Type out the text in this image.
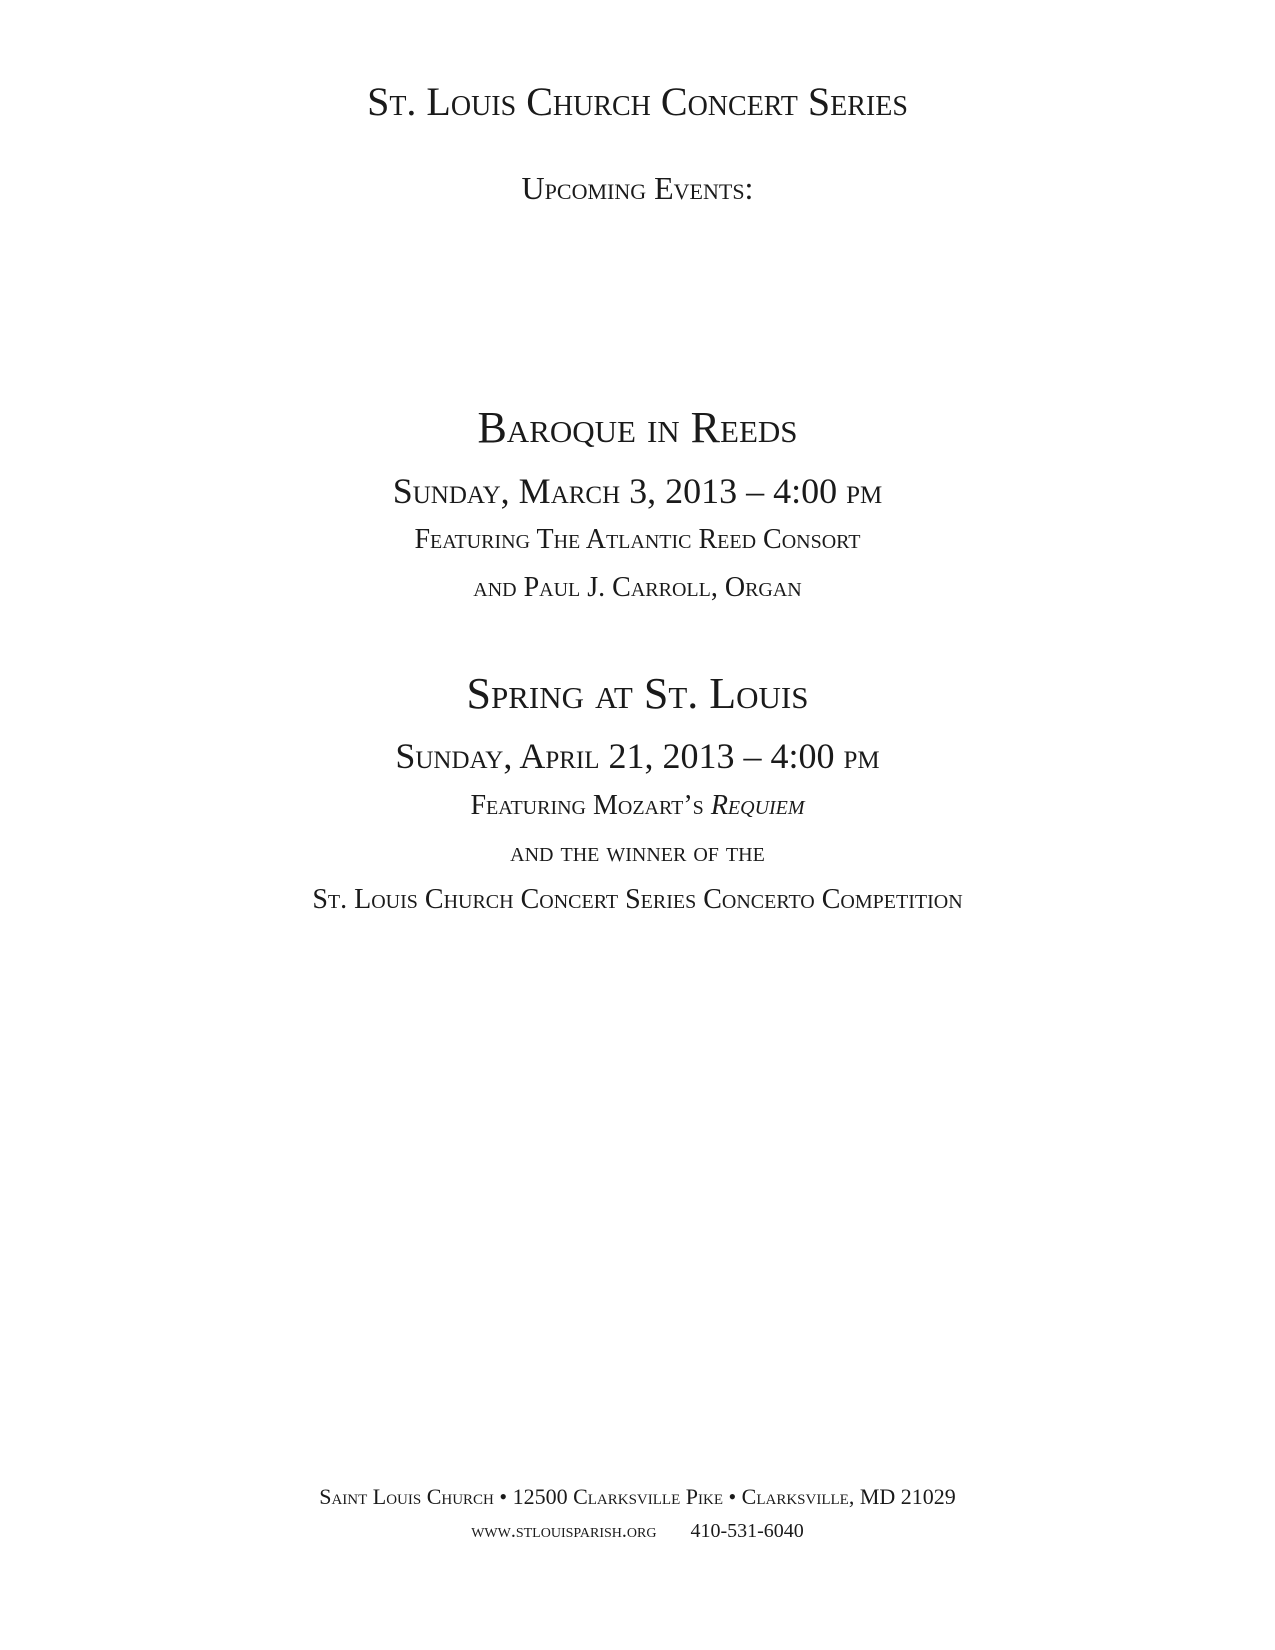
St. Louis Church Concert Series
Upcoming Events:
Baroque in Reeds
Sunday, March 3, 2013 – 4:00 pm
Featuring The Atlantic Reed Consort
and Paul J. Carroll, Organ
Spring at St. Louis
Sunday, April 21, 2013 – 4:00 pm
Featuring Mozart’s Requiem
and the winner of the
St. Louis Church Concert Series Concerto Competition
Saint Louis Church • 12500 Clarksville Pike • Clarksville, MD 21029
www.stlouisparish.org 410-531-6040
